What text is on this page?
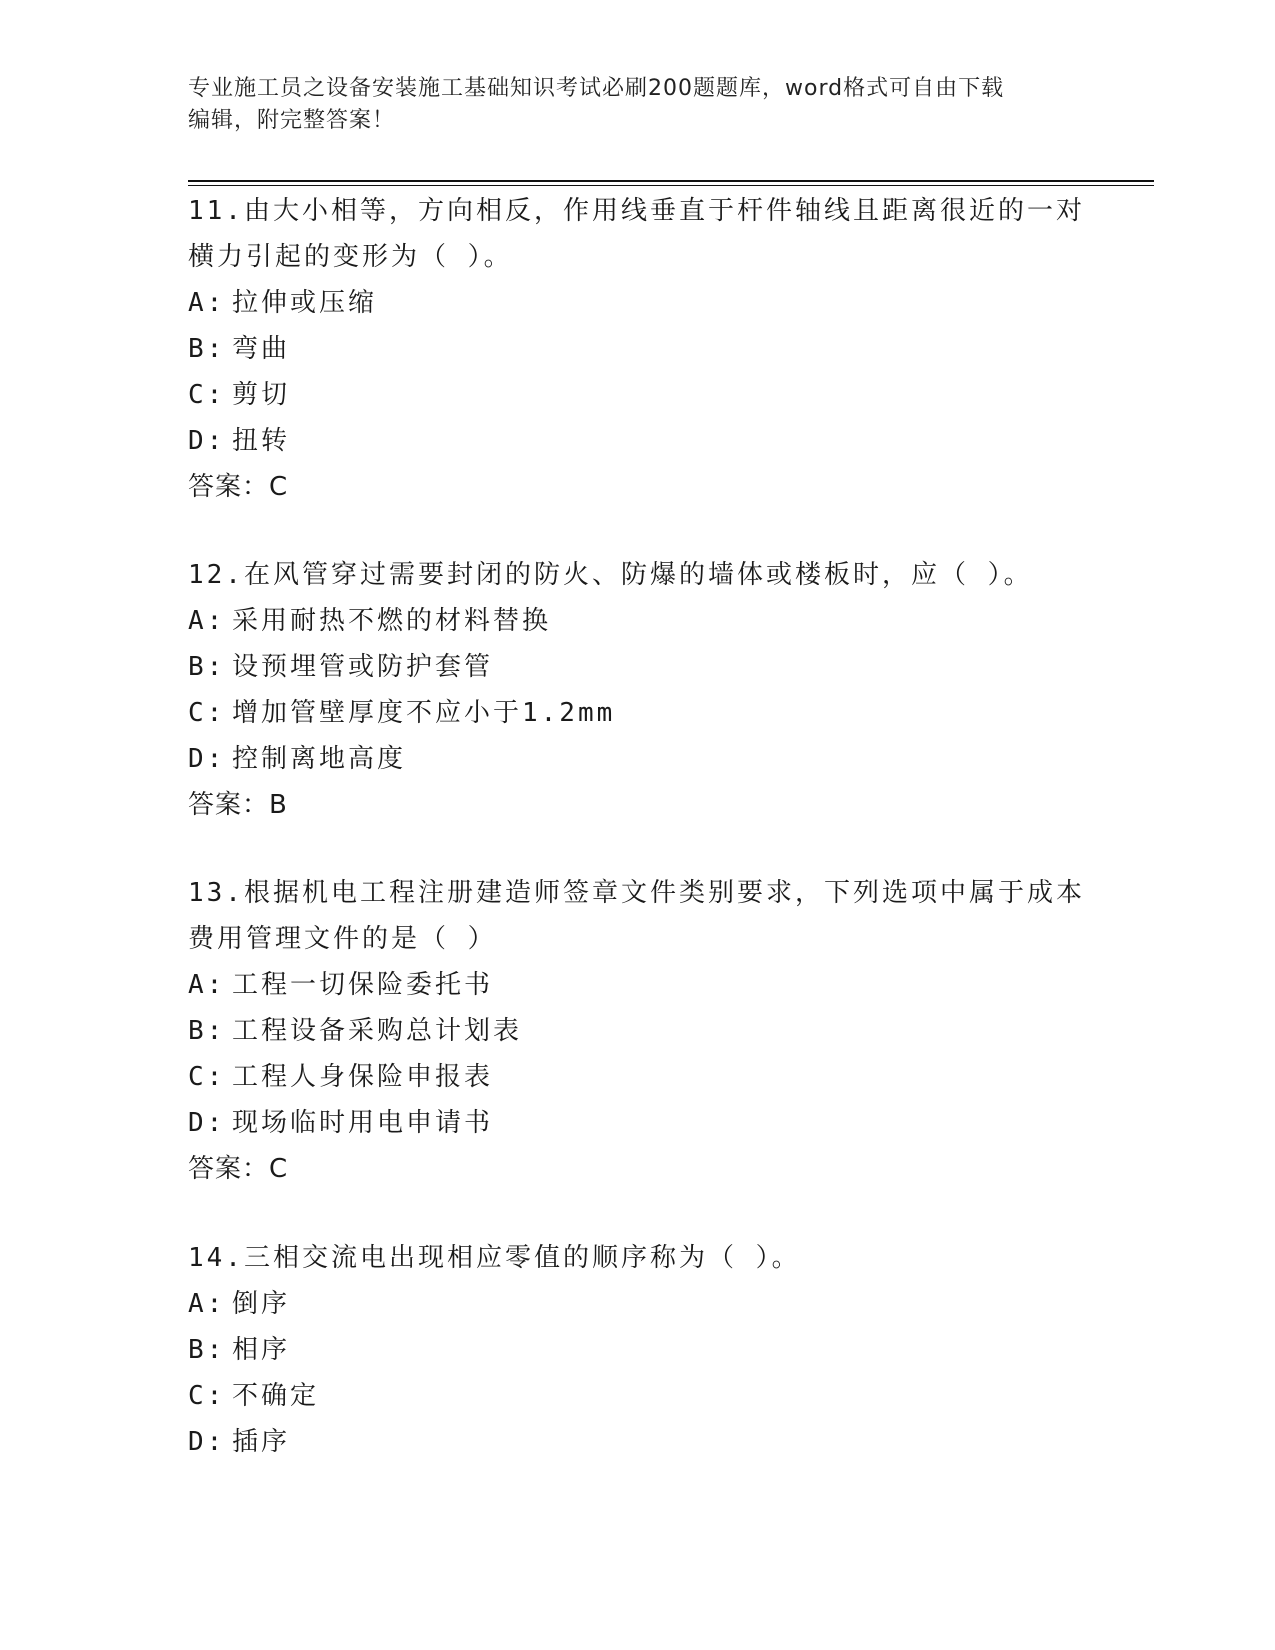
专业施工员之设备安装施工基础知识考试必刷200题题库，word格式可自由下载
编辑，附完整答案！
11.由大小相等，方向相反，作用线垂直于杆件轴线且距离很近的一对
横力引起的变形为（ ）。
A: 拉伸或压缩
B: 弯曲
C: 剪切
D: 扭转
答案：C
12.在风管穿过需要封闭的防火、防爆的墙体或楼板时，应（ ）。
A: 采用耐热不燃的材料替换
B: 设预埋管或防护套管
C: 增加管壁厚度不应小于1.2mm
D: 控制离地高度
答案：B
13.根据机电工程注册建造师签章文件类别要求，下列选项中属于成本
费用管理文件的是（ ）
A: 工程一切保险委托书
B: 工程设备采购总计划表
C: 工程人身保险申报表
D: 现场临时用电申请书
答案：C
14.三相交流电出现相应零值的顺序称为（ ）。
A: 倒序
B: 相序
C: 不确定
D: 插序
